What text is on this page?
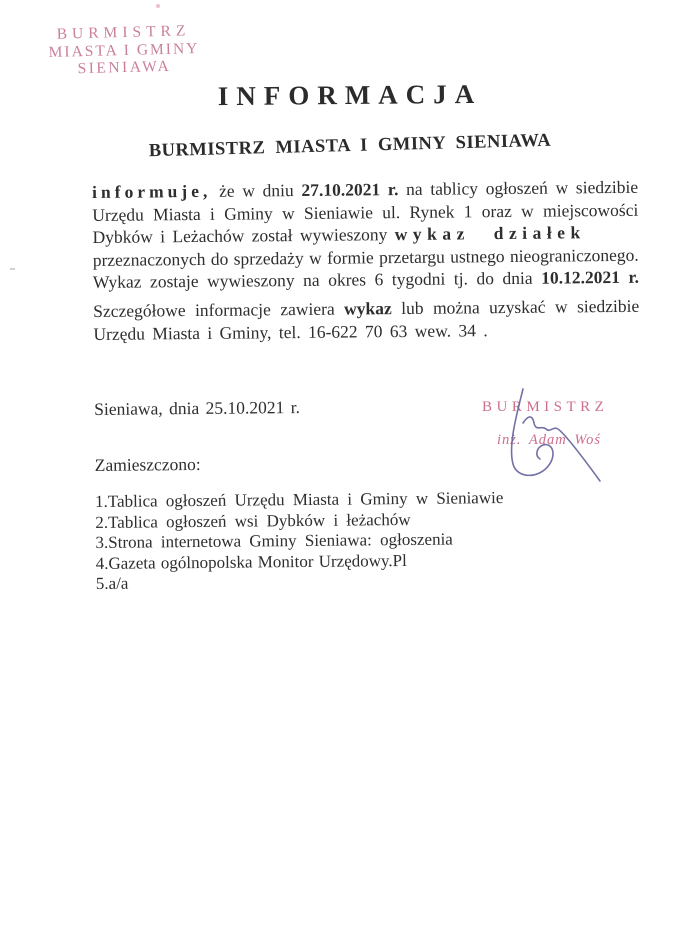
BURMISTRZ
MIASTA I GMINY
SIENIAWA
INFORMACJA
BURMISTRZ MIASTA I GMINY SIENIAWA
informuje, że w dniu 27.10.2021 r. na tablicy ogłoszeń w siedzibie
Urzędu Miasta i Gminy w Sieniawie ul. Rynek 1 oraz w miejscowości
Dybków i Leżachów został wywieszony wykaz działek
przeznaczonych do sprzedaży w formie przetargu ustnego nieograniczonego.
Wykaz zostaje wywieszony na okres 6 tygodni tj. do dnia 10.12.2021 r.
Szczegółowe informacje zawiera wykaz lub można uzyskać w siedzibie
Urzędu Miasta i Gminy, tel. 16-622 70 63 wew. 34 .
Sieniawa, dnia 25.10.2021 r.
Zamieszczono:
1.Tablica ogłoszeń Urzędu Miasta i Gminy w Sieniawie
2.Tablica ogłoszeń wsi Dybków i łeżachów
3.Strona internetowa Gminy Sieniawa: ogłoszenia
4.Gazeta ogólnopolska Monitor Urzędowy.Pl
5.a/a
BURMISTRZ
inż. Adam Woś
